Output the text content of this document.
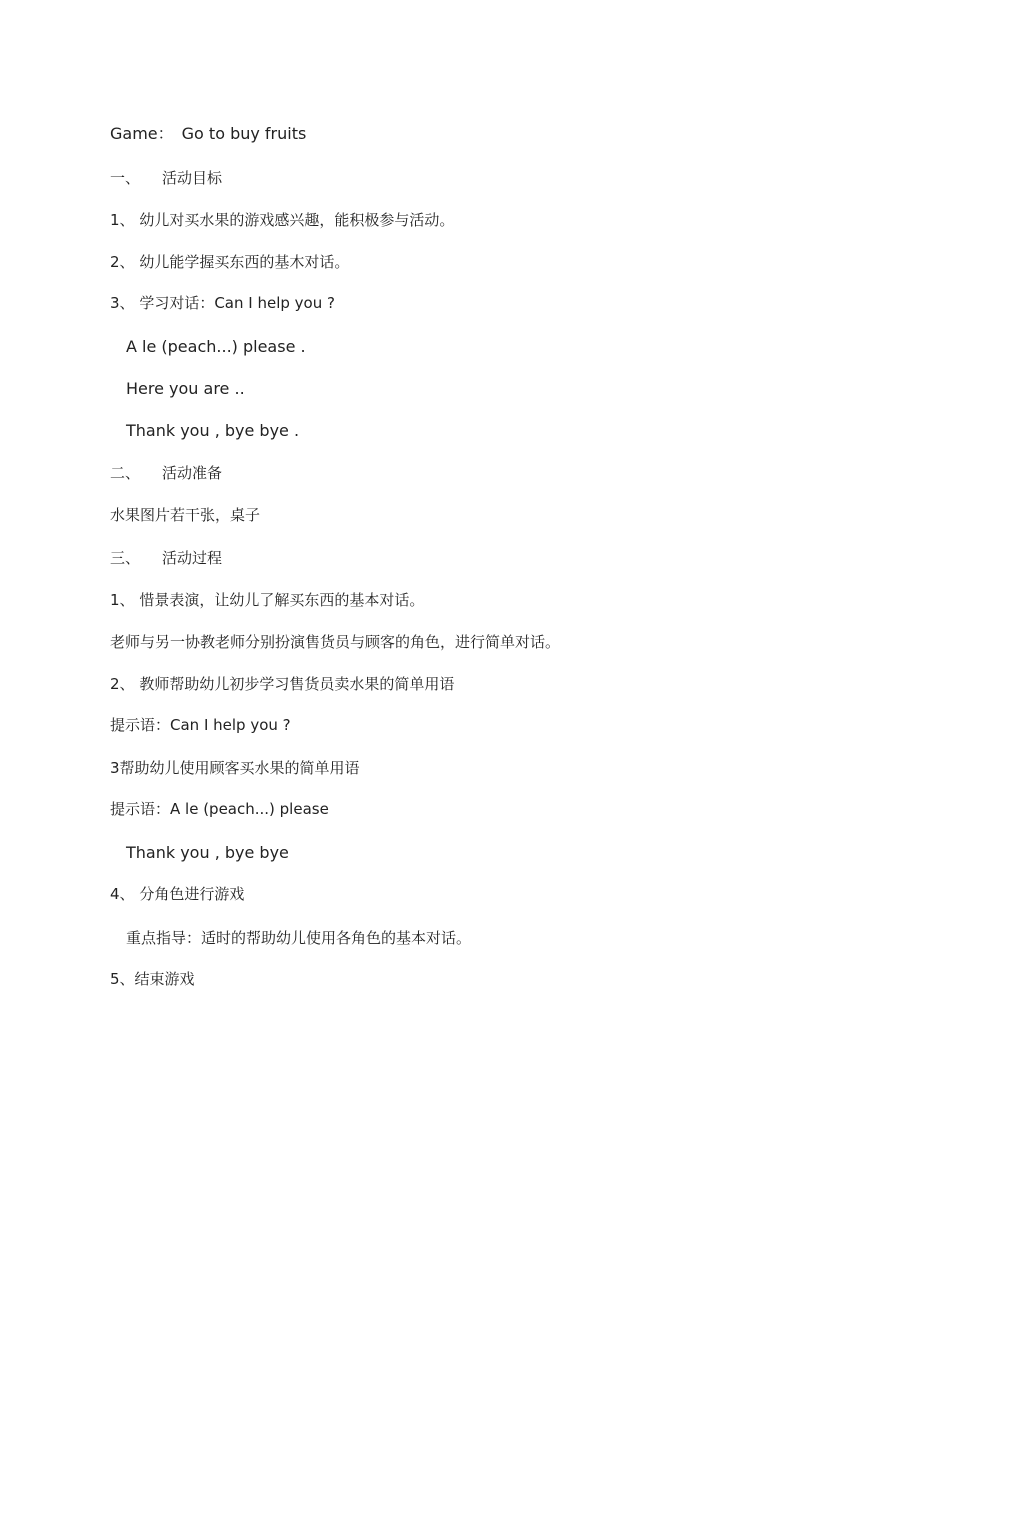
Game： Go to buy fruits
一、 活动目标
1、 幼儿对买水果的游戏感兴趣，能积极参与活动。
2、 幼儿能学握买东西的基木对话。
3、 学习对话：Can I help you ?
A le (peach...) please .
Here you are ..
Thank you , bye bye .
二、 活动准备
水果图片若干张，桌子
三、 活动过程
1、 惜景表演，让幼儿了解买东西的基本对话。
老师与另一协教老师分别扮演售货员与顾客的角色，进行简单对话。
2、 教师帮助幼儿初步学习售货员卖水果的简单用语
提示语：Can I help you ?
3帮助幼儿使用顾客买水果的简单用语
提示语：A le (peach...) please
Thank you , bye bye
4、 分角色进行游戏
重点指导：适时的帮助幼儿使用各角色的基本对话。
5、结束游戏
